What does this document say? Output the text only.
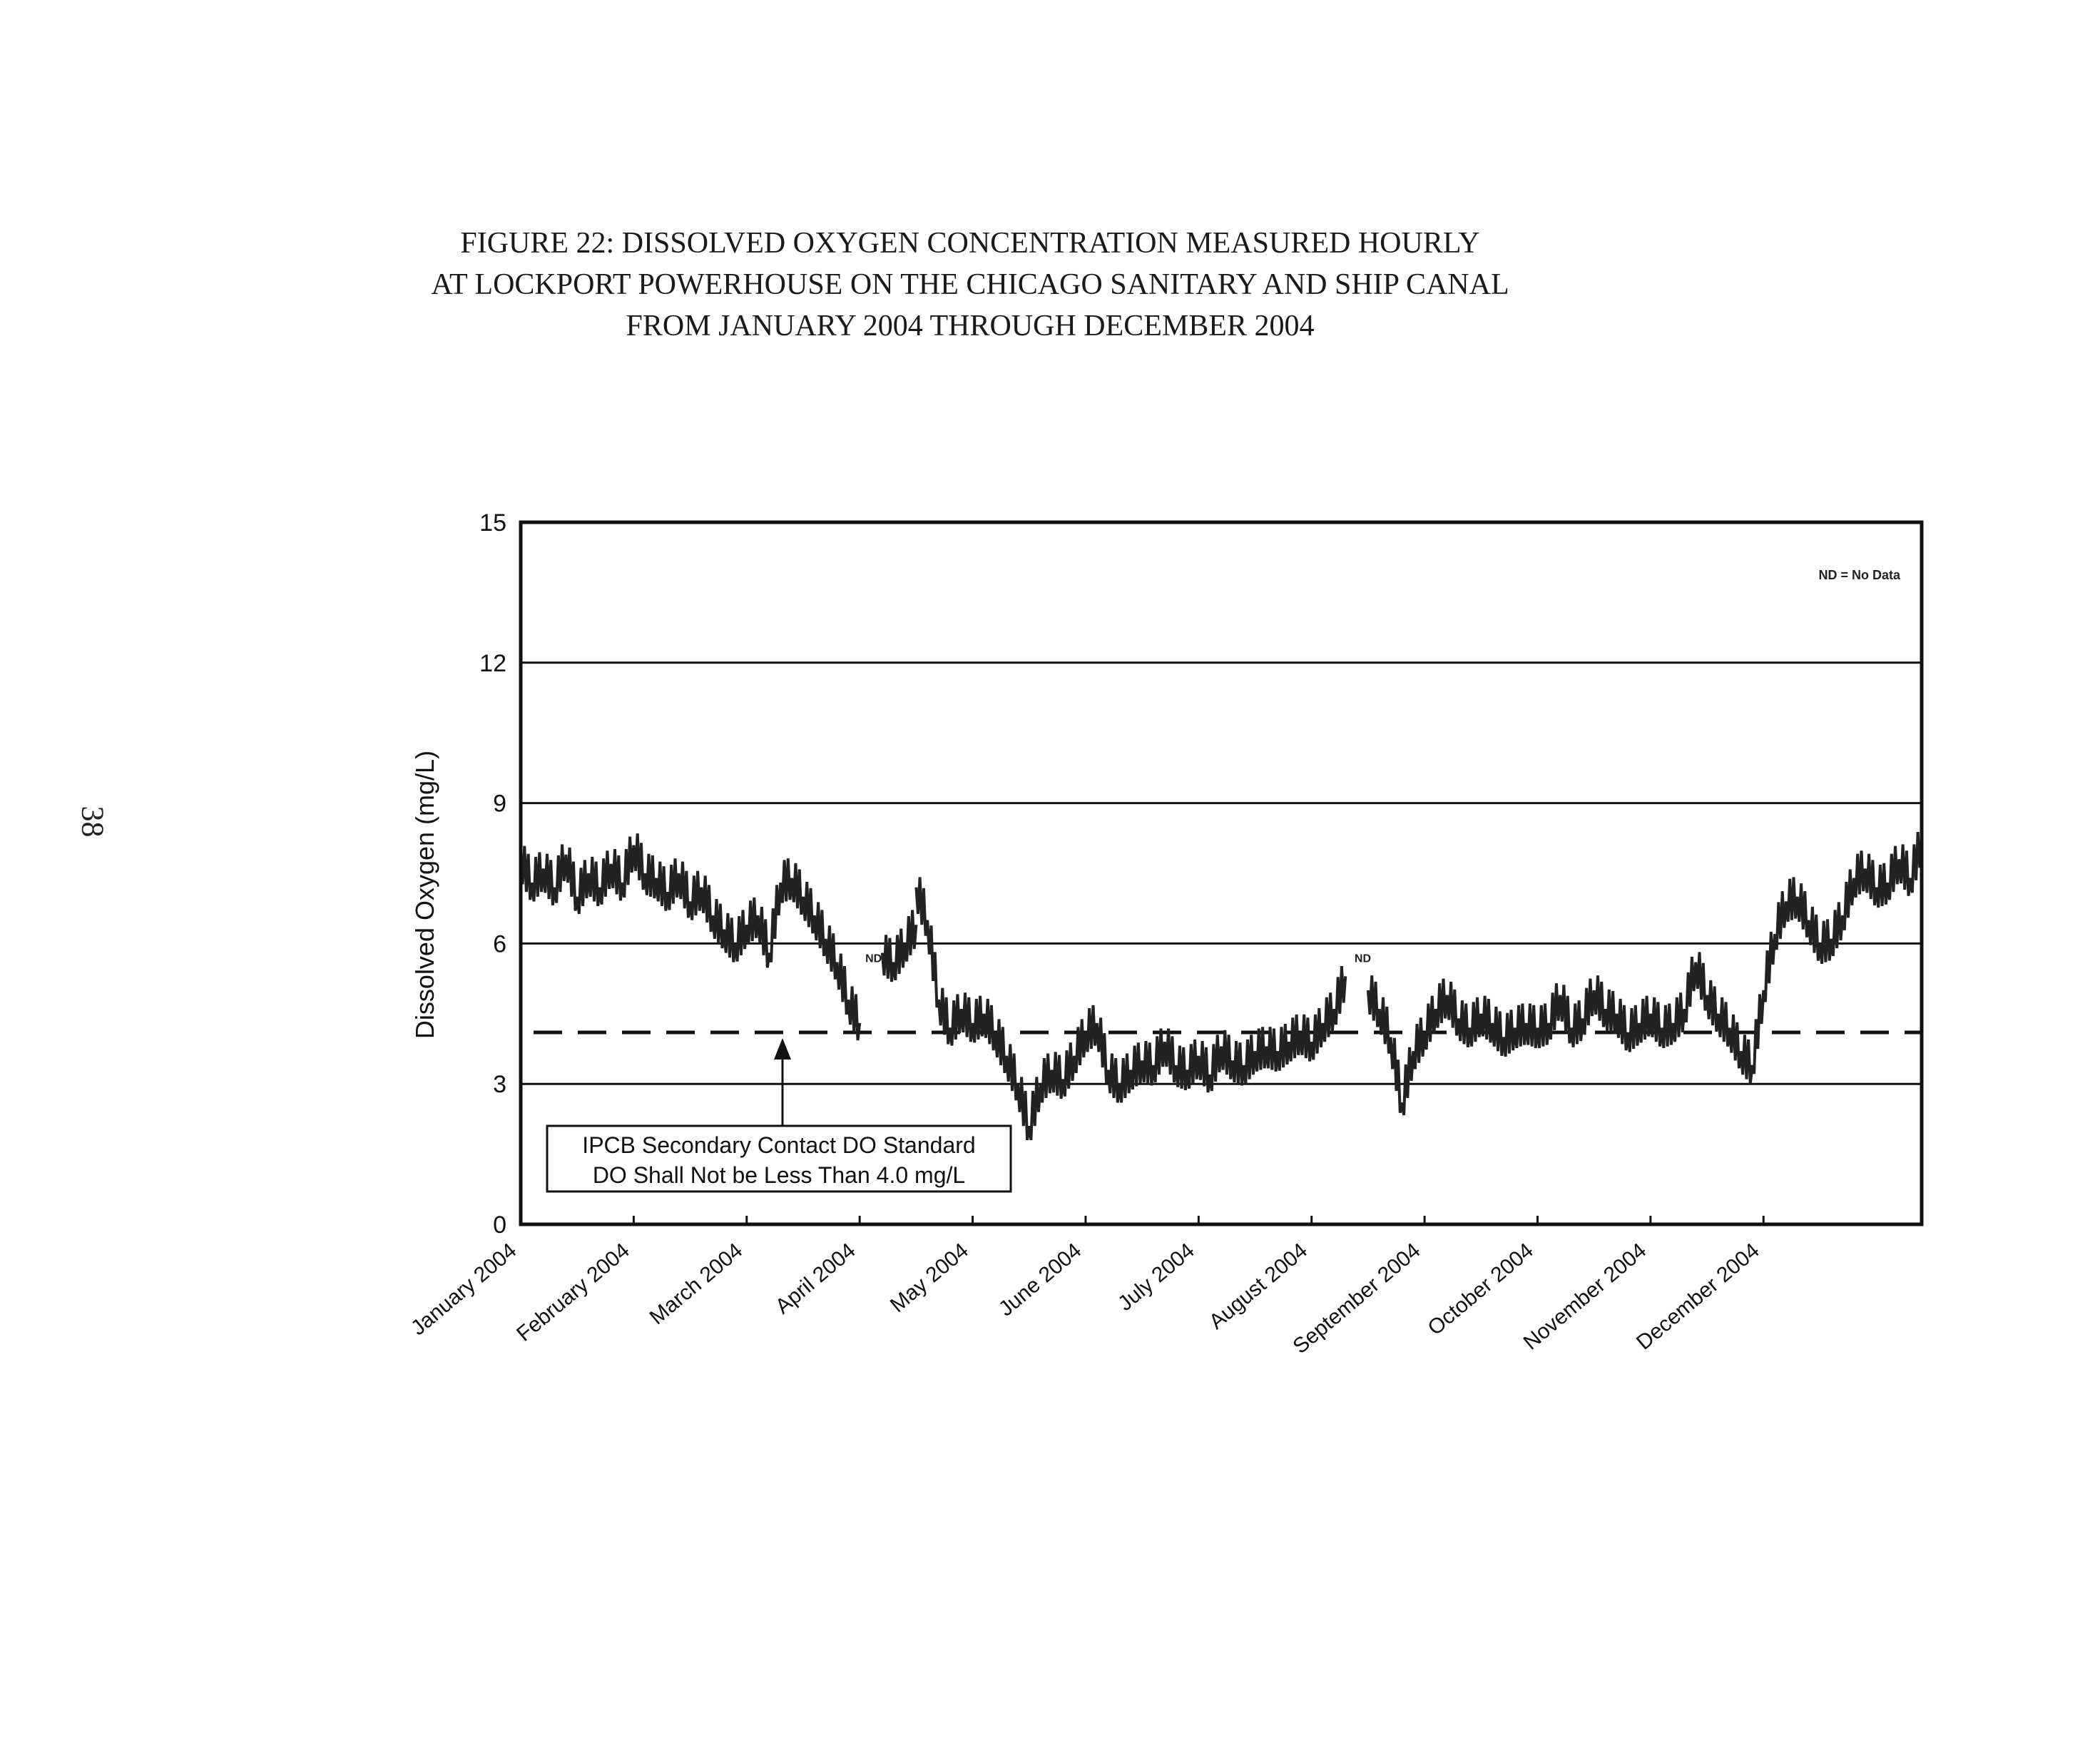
FIGURE 22: DISSOLVED OXYGEN CONCENTRATION MEASURED HOURLY
AT LOCKPORT POWERHOUSE ON THE CHICAGO SANITARY AND SHIP CANAL
FROM JANUARY 2004 THROUGH DECEMBER 2004
38
0
3
6
9
12
15
January 2004
February 2004 March 2004 April 2004 May 2004 June 2004 July 2004 August 2004
September 2004
October 2004
November 2004
December 2004
ND	ND
Dissolved Oxygen (mg/L)
ND = No Data
IPCB Secondary Contact DO Standard
DO Shall Not be Less Than 4.0 mg/L
